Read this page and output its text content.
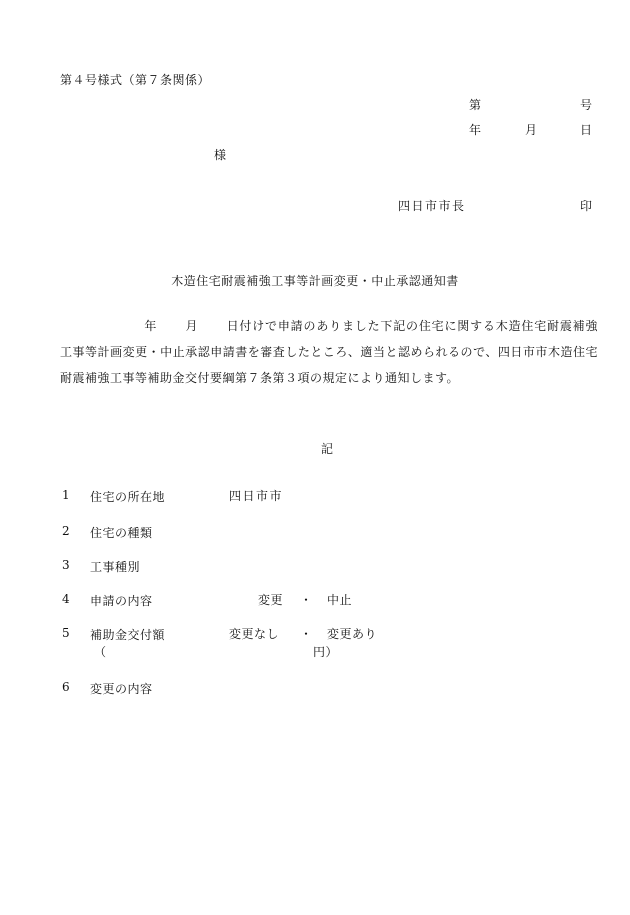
第４号様式（第７条関係）
第	号
年	月	日
様
四日市市長	印
木造住宅耐震補強工事等計画変更・中止承認通知書
年 月 日付けで申請のありました下記の住宅に関する木造住宅耐震補強工事等計画変更・中止承認申請書を審査したところ、適当と認められるので、四日市市木造住宅耐震補強工事等補助金交付要綱第７条第３項の規定により通知します。
記
1 住宅の所在地	四日市市
2 住宅の種類
3 工事種別
4 申請の内容	変更 ・ 中止
5 補助金交付額	変更なし ・ 変更あり
（	円）
6 変更の内容
